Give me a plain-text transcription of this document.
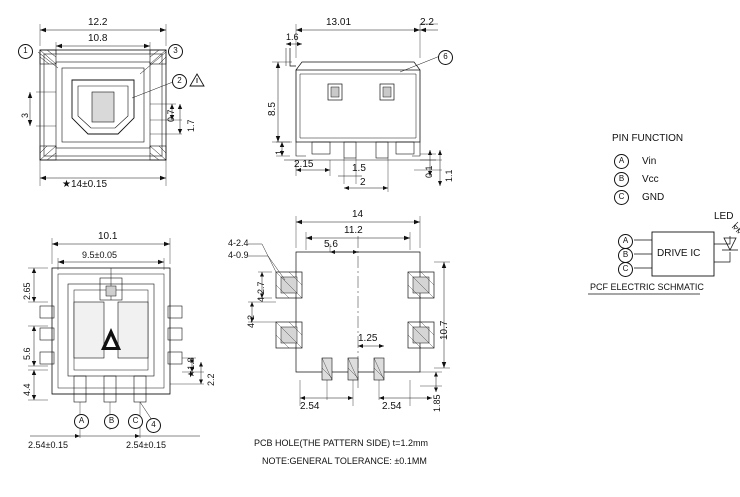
1	3
2
6
4
A	B	C
12.2
10.8
3	0.7
1.7
★14±0.15
13.01	2.2
1.6
8.5
1
2.15	1.5
2
0.1 1.1
10.1
9.5±0.05
2.65
5.6
4.4
★1.8
2.2
2.54±0.15	2.54±0.15
14
11.2
5.6
4-2.4
4-0.9
4-2.7
4-2	10.7
1.25
2.54	2.54	1.85
PCB HOLE(THE PATTERN SIDE) t=1.2mm
NOTE:GENERAL TOLERANCE: ±0.1MM
PIN FUNCTION
A	Vin
B	Vcc
C	GND
A
B
C
DRIVE IC
LED
PCF ELECTRIC SCHMATIC
